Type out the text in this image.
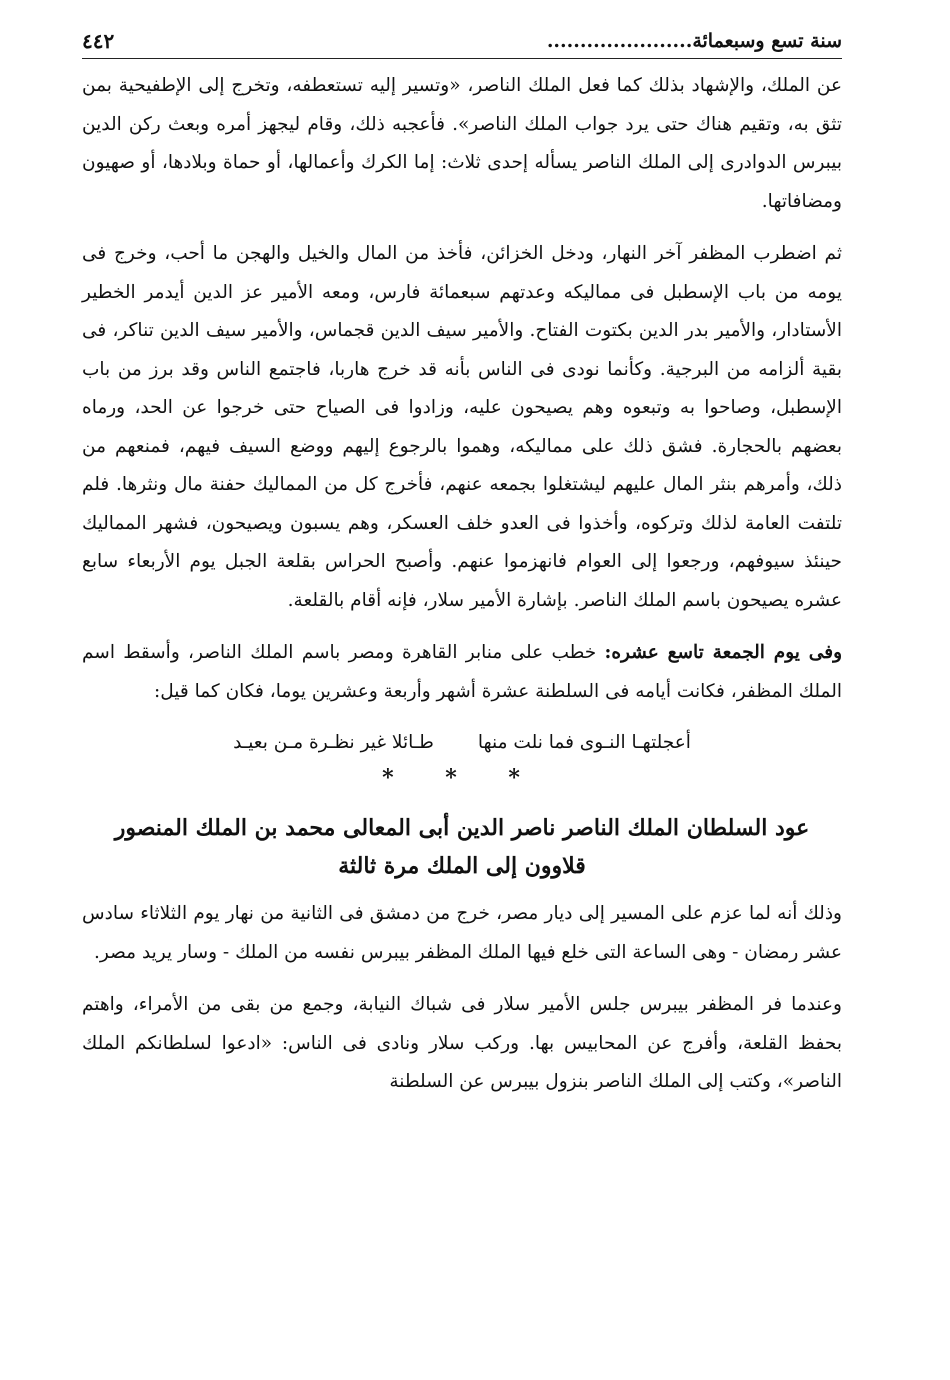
سنة تسع وسبعمائة......................
٤٤٢

عن الملك، والإشهاد بذلك كما فعل الملك الناصر، «وتسير إليه تستعطفه، وتخرج إلى الإطفيحية بمن تثق به، وتقيم هناك حتى يرد جواب الملك الناصر». فأعجبه ذلك، وقام ليجهز أمره وبعث ركن الدين بيبرس الدوادرى إلى الملك الناصر يسأله إحدى ثلاث: إما الكرك وأعمالها، أو حماة وبلادها، أو صهيون ومضافاتها.

ثم اضطرب المظفر آخر النهار، ودخل الخزائن، فأخذ من المال والخيل والهجن ما أحب، وخرج فى يومه من باب الإسطبل فى مماليكه وعدتهم سبعمائة فارس، ومعه الأمير عز الدين أيدمر الخطير الأستادار، والأمير بدر الدين بكتوت الفتاح. والأمير سيف الدين قجماس، والأمير سيف الدين تناكر، فى بقية ألزامه من البرجية. وكأنما نودى فى الناس بأنه قد خرج هاربا، فاجتمع الناس وقد برز من باب الإسطبل، وصاحوا به وتبعوه وهم يصيحون عليه، وزادوا فى الصياح حتى خرجوا عن الحد، ورماه بعضهم بالحجارة. فشق ذلك على مماليكه، وهموا بالرجوع إليهم ووضع السيف فيهم، فمنعهم من ذلك، وأمرهم بنثر المال عليهم ليشتغلوا بجمعه عنهم، فأخرج كل من المماليك حفنة مال ونثرها. فلم تلتفت العامة لذلك وتركوه، وأخذوا فى العدو خلف العسكر، وهم يسبون ويصيحون، فشهر المماليك حينئذ سيوفهم، ورجعوا إلى العوام فانهزموا عنهم. وأصبح الحراس بقلعة الجبل يوم الأربعاء سابع عشره يصيحون باسم الملك الناصر. بإشارة الأمير سلار، فإنه أقام بالقلعة.

وفى يوم الجمعة تاسع عشره: خطب على منابر القاهرة ومصر باسم الملك الناصر، وأسقط اسم الملك المظفر، فكانت أيامه فى السلطنة عشرة أشهر وأربعة وعشرين يوما، فكان كما قيل:

أعجلتهـا النـوى فما نلت منها
طـائلا غير نظـرة مـن بعيـد
* * *
عود السلطان الملك الناصر ناصر الدين أبى المعالى محمد بن الملك المنصور
قلاوون إلى الملك مرة ثالثة

وذلك أنه لما عزم على المسير إلى ديار مصر، خرج من دمشق فى الثانية من نهار يوم الثلاثاء سادس عشر رمضان - وهى الساعة التى خلع فيها الملك المظفر بيبرس نفسه من الملك - وسار يريد مصر.

وعندما فر المظفر بيبرس جلس الأمير سلار فى شباك النيابة، وجمع من بقى من الأمراء، واهتم بحفظ القلعة، وأفرج عن المحابيس بها. وركب سلار ونادى فى الناس: «ادعوا لسلطانكم الملك الناصر»، وكتب إلى الملك الناصر بنزول بيبرس عن السلطنة
